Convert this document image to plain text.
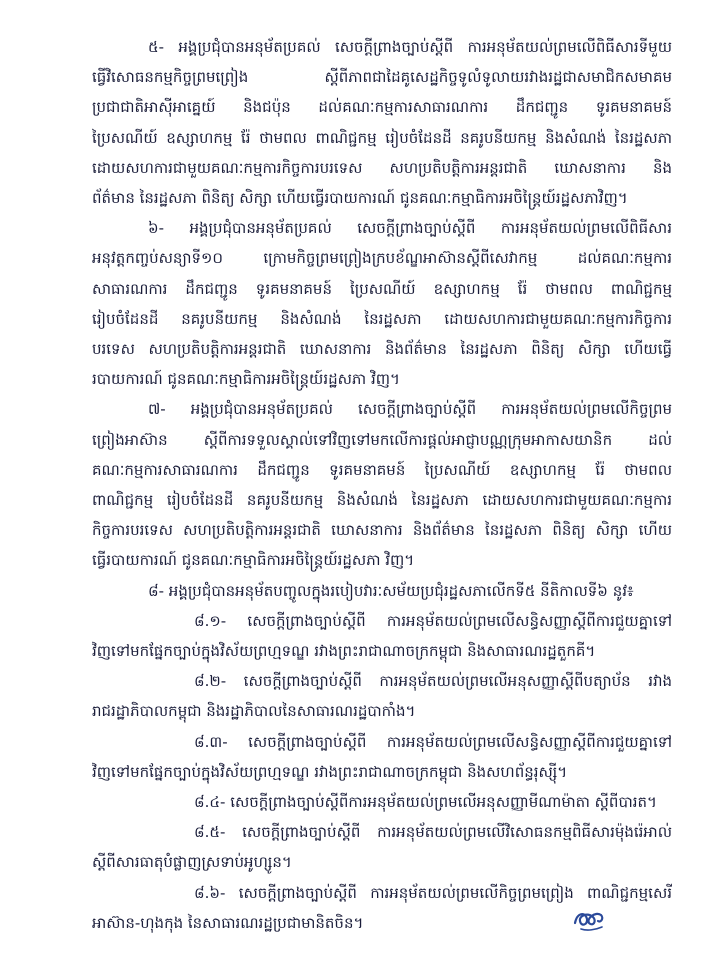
៥- អង្គប្រជុំបានអនុម័តប្រគល់ សេចក្ដីព្រាងច្បាប់ស្ដីពី ការអនុម័តយល់ព្រមលើពិធីសារទីមួយ
ធ្វើវិសោធនកម្មកិច្ចព្រមព្រៀង ស្ដីពីភាពជាដៃគូសេដ្ឋកិច្ចទូលំទូលាយរវាងរដ្ឋជាសមាជិកសមាគម
ប្រជាជាតិអាស៊ីអាគ្នេយ៍ និងជប៉ុន ដល់គណៈកម្មការសាធារណការ ដឹកជញ្ជូន ទូរគមនាគមន៍
ប្រៃសណីយ៍ ឧស្សាហកម្ម រ៉ែ ថាមពល ពាណិជ្ជកម្ម រៀបចំដែនដី នគរូបនីយកម្ម និងសំណង់ នៃរដ្ឋសភា
ដោយសហការជាមួយគណៈកម្មការកិច្ចការបរទេស សហប្រតិបត្តិការអន្តរជាតិ ឃោសនាការ និង
ព័ត៌មាន នៃរដ្ឋសភា ពិនិត្យ សិក្សា ហើយធ្វើរបាយការណ៍ ជូនគណៈកម្មាធិការអចិន្ត្រៃយ៍រដ្ឋសភាវិញ។
៦- អង្គប្រជុំបានអនុម័តប្រគល់ សេចក្ដីព្រាងច្បាប់ស្ដីពី ការអនុម័តយល់ព្រមលើពិធីសារ
អនុវត្តកញ្ចប់សន្យាទី១០ ក្រោមកិច្ចព្រមព្រៀងក្របខ័ណ្ឌអាស៊ានស្ដីពីសេវាកម្ម ដល់គណៈកម្មការ
សាធារណការ ដឹកជញ្ជូន ទូរគមនាគមន៍ ប្រៃសណីយ៍ ឧស្សាហកម្ម រ៉ែ ថាមពល ពាណិជ្ជកម្ម
រៀបចំដែនដី នគរូបនីយកម្ម និងសំណង់ នៃរដ្ឋសភា ដោយសហការជាមួយគណៈកម្មការកិច្ចការ
បរទេស សហប្រតិបត្តិការអន្តរជាតិ ឃោសនាការ និងព័ត៌មាន នៃរដ្ឋសភា ពិនិត្យ សិក្សា ហើយធ្វើ
របាយការណ៍ ជូនគណៈកម្មាធិការអចិន្ត្រៃយ៍រដ្ឋសភា វិញ។
៧- អង្គប្រជុំបានអនុម័តប្រគល់ សេចក្ដីព្រាងច្បាប់ស្ដីពី ការអនុម័តយល់ព្រមលើកិច្ចព្រម
ព្រៀងអាស៊ាន ស្ដីពីការទទួលស្គាល់ទៅវិញទៅមកលើការផ្ដល់អាជ្ញាបណ្ណក្រុមអាកាសយានិក ដល់
គណៈកម្មការសាធារណការ ដឹកជញ្ជូន ទូរគមនាគមន៍ ប្រៃសណីយ៍ ឧស្សាហកម្ម រ៉ែ ថាមពល
ពាណិជ្ជកម្ម រៀបចំដែនដី នគរូបនីយកម្ម និងសំណង់ នៃរដ្ឋសភា ដោយសហការជាមួយគណៈកម្មការ
កិច្ចការបរទេស សហប្រតិបត្តិការអន្តរជាតិ ឃោសនាការ និងព័ត៌មាន នៃរដ្ឋសភា ពិនិត្យ សិក្សា ហើយ
ធ្វើរបាយការណ៍ ជូនគណៈកម្មាធិការអចិន្ត្រៃយ៍រដ្ឋសភា វិញ។
៨- អង្គប្រជុំបានអនុម័តបញ្ចូលក្នុងរបៀបវារៈសម័យប្រជុំរដ្ឋសភាលើកទី៥ នីតិកាលទី៦ នូវ៖
៨.១- សេចក្ដីព្រាងច្បាប់ស្ដីពី ការអនុម័តយល់ព្រមលើសន្ធិសញ្ញាស្ដីពីការជួយគ្នាទៅ
វិញទៅមកផ្នែកច្បាប់ក្នុងវិស័យព្រហ្មទណ្ឌ រវាងព្រះរាជាណាចក្រកម្ពុជា និងសាធារណរដ្ឋតួកគី។
៨.២- សេចក្ដីព្រាងច្បាប់ស្ដីពី ការអនុម័តយល់ព្រមលើអនុសញ្ញាស្ដីពីបត្យាប័ន រវាង
រាជរដ្ឋាភិបាលកម្ពុជា និងរដ្ឋាភិបាលនៃសាធារណរដ្ឋបាកាំង។
៨.៣- សេចក្ដីព្រាងច្បាប់ស្ដីពី ការអនុម័តយល់ព្រមលើសន្ធិសញ្ញាស្ដីពីការជួយគ្នាទៅ
វិញទៅមកផ្នែកច្បាប់ក្នុងវិស័យព្រហ្មទណ្ឌ រវាងព្រះរាជាណាចក្រកម្ពុជា និងសហព័ន្ធរុស្ស៊ី។
៨.៤- សេចក្ដីព្រាងច្បាប់ស្ដីពីការអនុម័តយល់ព្រមលើអនុសញ្ញាមីណាម៉ាតា ស្ដីពីបារត។
៨.៥- សេចក្ដីព្រាងច្បាប់ស្ដីពី ការអនុម័តយល់ព្រមលើវិសោធនកម្មពិធីសារម៉ុងរ៉េអាល់
ស្ដីពីសារធាតុបំផ្លាញស្រទាប់អូហ្សូន។
៨.៦- សេចក្ដីព្រាងច្បាប់ស្ដីពី ការអនុម័តយល់ព្រមលើកិច្ចព្រមព្រៀង ពាណិជ្ជកម្មសេរី
អាស៊ាន-ហុងកុង នៃសាធារណរដ្ឋប្រជាមានិតចិន។
